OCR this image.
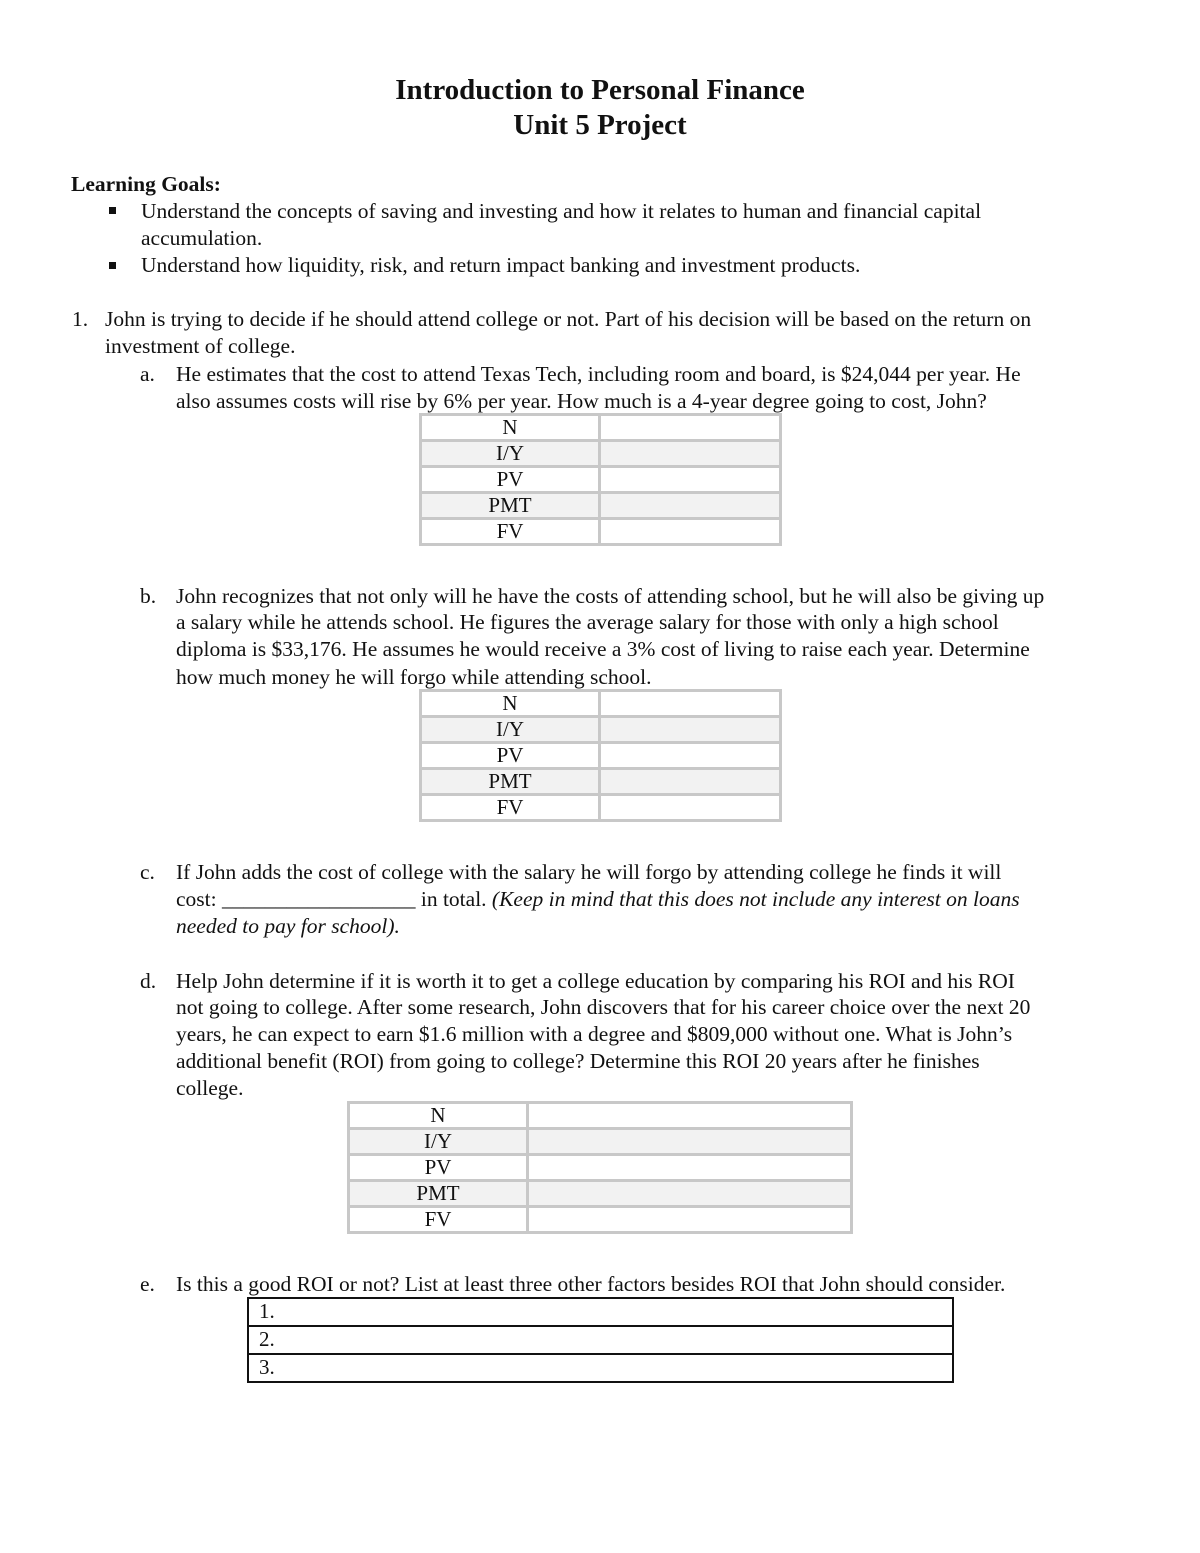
Introduction to Personal Finance
Unit 5 Project
Learning Goals:
Understand the concepts of saving and investing and how it relates to human and financial capital
accumulation.
Understand how liquidity, risk, and return impact banking and investment products.
1. John is trying to decide if he should attend college or not. Part of his decision will be based on the return on
investment of college.
a. He estimates that the cost to attend Texas Tech, including room and board, is $24,044 per year. He
also assumes costs will rise by 6% per year. How much is a 4-year degree going to cost, John?
N	
I/Y	
PV	
PMT	
FV	
b. John recognizes that not only will he have the costs of attending school, but he will also be giving up
a salary while he attends school. He figures the average salary for those with only a high school
diploma is $33,176. He assumes he would receive a 3% cost of living to raise each year. Determine
how much money he will forgo while attending school.
N	
I/Y	
PV	
PMT	
FV	
c. If John adds the cost of college with the salary he will forgo by attending college he finds it will
cost: __________________ in total. (Keep in mind that this does not include any interest on loans
needed to pay for school).
d. Help John determine if it is worth it to get a college education by comparing his ROI and his ROI
not going to college. After some research, John discovers that for his career choice over the next 20
years, he can expect to earn $1.6 million with a degree and $809,000 without one. What is John’s
additional benefit (ROI) from going to college? Determine this ROI 20 years after he finishes
college.
N	
I/Y	
PV	
PMT	
FV	
e. Is this a good ROI or not? List at least three other factors besides ROI that John should consider.
1.
2.
3.
